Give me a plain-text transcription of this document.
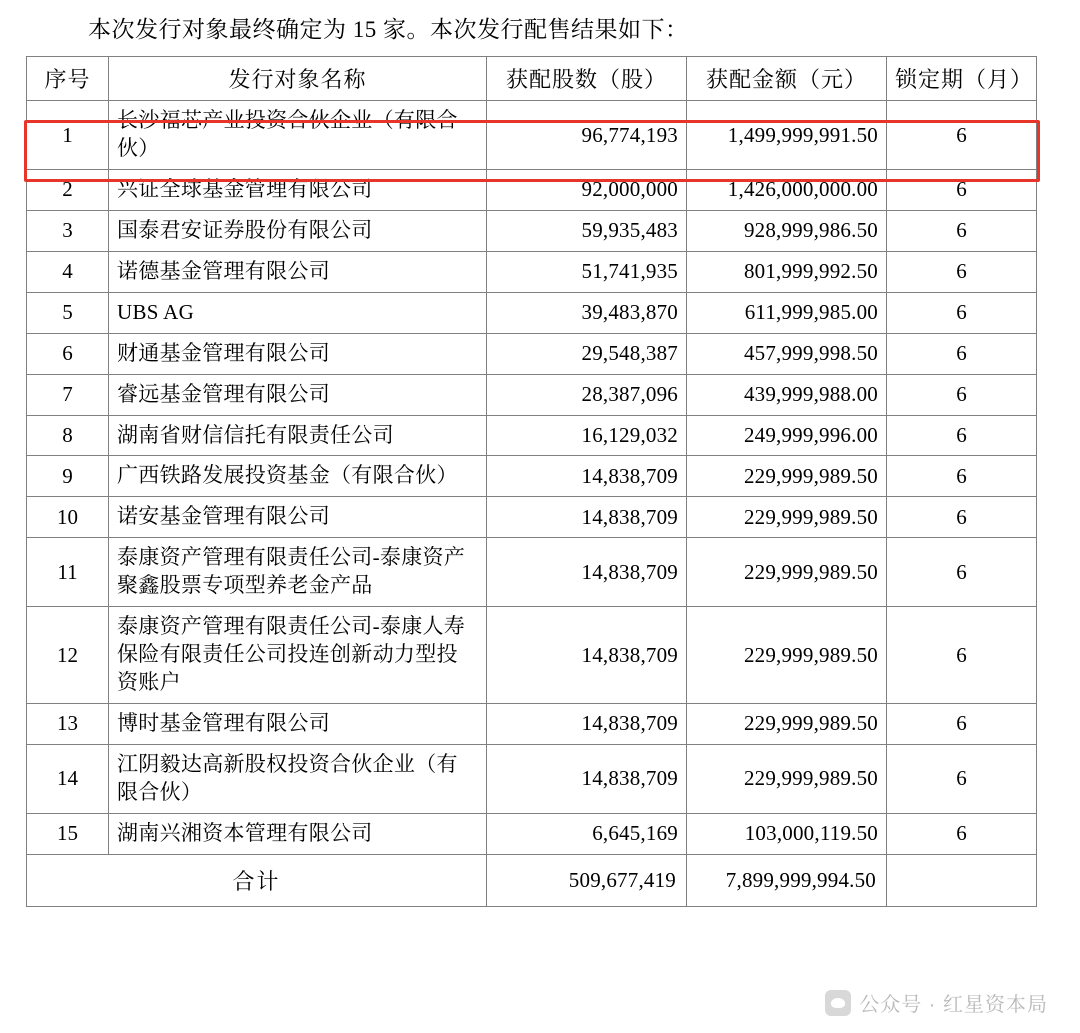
本次发行对象最终确定为 15 家。本次发行配售结果如下：
序号	发行对象名称	获配股数（股）	获配金额（元）	锁定期（月）
1	长沙福芯产业投资合伙企业（有限合伙）	96,774,193	1,499,999,991.50	6
2	兴证全球基金管理有限公司	92,000,000	1,426,000,000.00	6
3	国泰君安证券股份有限公司	59,935,483	928,999,986.50	6
4	诺德基金管理有限公司	51,741,935	801,999,992.50	6
5	UBS AG	39,483,870	611,999,985.00	6
6	财通基金管理有限公司	29,548,387	457,999,998.50	6
7	睿远基金管理有限公司	28,387,096	439,999,988.00	6
8	湖南省财信信托有限责任公司	16,129,032	249,999,996.00	6
9	广西铁路发展投资基金（有限合伙）	14,838,709	229,999,989.50	6
10	诺安基金管理有限公司	14,838,709	229,999,989.50	6
11	泰康资产管理有限责任公司-泰康资产聚鑫股票专项型养老金产品	14,838,709	229,999,989.50	6
12	泰康资产管理有限责任公司-泰康人寿保险有限责任公司投连创新动力型投资账户	14,838,709	229,999,989.50	6
13	博时基金管理有限公司	14,838,709	229,999,989.50	6
14	江阴毅达高新股权投资合伙企业（有限合伙）	14,838,709	229,999,989.50	6
15	湖南兴湘资本管理有限公司	6,645,169	103,000,119.50	6
合计		509,677,419	7,899,999,994.50	
公众号 · 红星资本局
